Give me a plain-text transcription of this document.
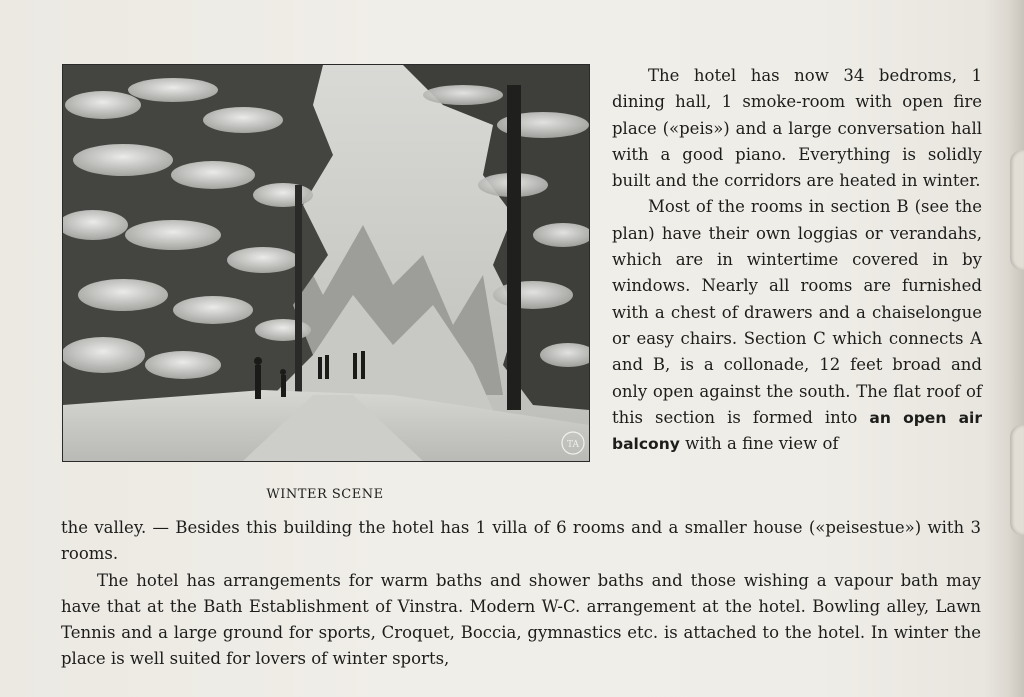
TA
WINTER SCENE

The hotel has now 34 bedroms, 1 dining hall, 1 smoke-room with open fire place («peis») and a large conversation hall with a good piano. Everything is solidly built and the corridors are heated in winter.

Most of the rooms in section B (see the plan) have their own loggias or verandahs, which are in wintertime covered in by windows. Nearly all rooms are furnished with a chest of drawers and a chaiselongue or easy chairs. Section C which connects A and B, is a collonade, 12 feet broad and only open against the south. The flat roof of this section is formed into an open air balcony with a fine view of

the valley. — Besides this building the hotel has 1 villa of 6 rooms and a smaller house («peisestue») with 3 rooms.

The hotel has arrangements for warm baths and shower baths and those wishing a vapour bath may have that at the Bath Establishment of Vinstra. Modern W-C. arrangement at the hotel. Bowling alley, Lawn Tennis and a large ground for sports, Croquet, Boccia, gymnastics etc. is attached to the hotel. In winter the place is well suited for lovers of winter sports,
